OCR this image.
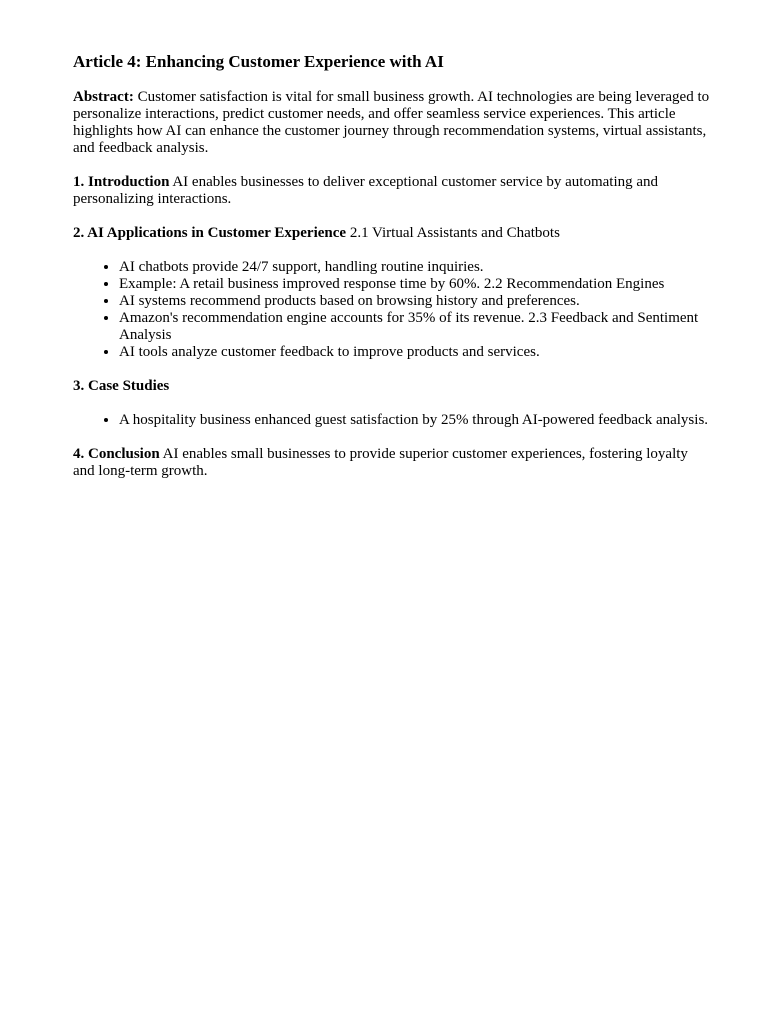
Article 4: Enhancing Customer Experience with AI

Abstract: Customer satisfaction is vital for small business growth. AI technologies are being leveraged to personalize interactions, predict customer needs, and offer seamless service experiences. This article highlights how AI can enhance the customer journey through recommendation systems, virtual assistants, and feedback analysis.

1. Introduction AI enables businesses to deliver exceptional customer service by automating and personalizing interactions.

2. AI Applications in Customer Experience 2.1 Virtual Assistants and Chatbots

• AI chatbots provide 24/7 support, handling routine inquiries.
• Example: A retail business improved response time by 60%. 2.2 Recommendation Engines
• AI systems recommend products based on browsing history and preferences.
• Amazon's recommendation engine accounts for 35% of its revenue. 2.3 Feedback and Sentiment Analysis
• AI tools analyze customer feedback to improve products and services.

3. Case Studies

• A hospitality business enhanced guest satisfaction by 25% through AI-powered feedback analysis.

4. Conclusion AI enables small businesses to provide superior customer experiences, fostering loyalty and long-term growth.
